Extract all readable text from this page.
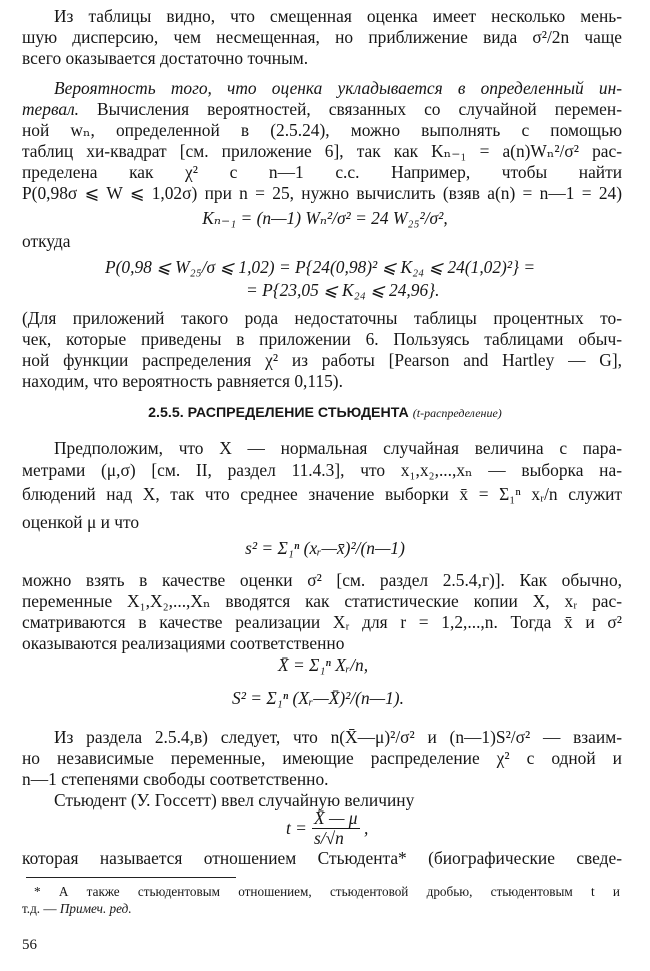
Из таблицы видно, что смещенная оценка имеет несколько мень-
шую дисперсию, чем несмещенная, но приближение вида σ²/2n чаще
всего оказывается достаточно точным.
Вероятность того, что оценка укладывается в определенный ин-
тервал. Вычисления вероятностей, связанных со случайной перемен-
ной wₙ, определенной в (2.5.24), можно выполнять с помощью
таблиц хи-квадрат [см. приложение 6], так как Kₙ₋₁ = a(n)Wₙ²/σ² рас-
пределена как χ² с n—1 с.с. Например, чтобы найти
P(0,98σ ⩽ W ⩽ 1,02σ) при n = 25, нужно вычислить (взяв a(n) = n—1 = 24)
Kₙ₋₁ = (n—1) Wₙ²/σ² = 24 W₂₅²/σ²,
откуда
P(0,98 ⩽ W₂₅/σ ⩽ 1,02) = P{24(0,98)² ⩽ K₂₄ ⩽ 24(1,02)²} =
= P{23,05 ⩽ K₂₄ ⩽ 24,96}.
(Для приложений такого рода недостаточны таблицы процентных то-
чек, которые приведены в приложении 6. Пользуясь таблицами обыч-
ной функции распределения χ² из работы [Pearson and Hartley — G],
находим, что вероятность равняется 0,115).
2.5.5. РАСПРЕДЕЛЕНИЕ СТЬЮДЕНТА (t-распределение)
Предположим, что X — нормальная случайная величина с пара-
метрами (μ,σ) [см. II, раздел 11.4.3], что x₁,x₂,...,xₙ — выборка на-
блюдений над X, так что среднее значение выборки x̄ = Σ₁ⁿ xᵣ/n служит
оценкой μ и что
s² = Σ₁ⁿ (xᵣ—x̄)²/(n—1)
можно взять в качестве оценки σ² [см. раздел 2.5.4,г)]. Как обычно,
переменные X₁,X₂,...,Xₙ вводятся как статистические копии X, xᵣ рас-
сматриваются в качестве реализации Xᵣ для r = 1,2,...,n. Тогда x̄ и σ²
оказываются реализациями соответственно
X̄ = Σ₁ⁿ Xᵣ/n,
S² = Σ₁ⁿ (Xᵣ—X̄)²/(n—1).
Из раздела 2.5.4,в) следует, что n(X̄—μ)²/σ² и (n—1)S²/σ² — взаим-
но независимые переменные, имеющие распределение χ² с одной и
n—1 степенями свободы соответственно.
Стьюдент (У. Госсетт) ввел случайную величину
t = X̄ — μ
s/√n ,
которая называется отношением Стьюдента* (биографические сведе-
* А также стьюдентовым отношением, стьюдентовой дробью, стьюдентовым t и
т.д. — Примеч. ред.
56
